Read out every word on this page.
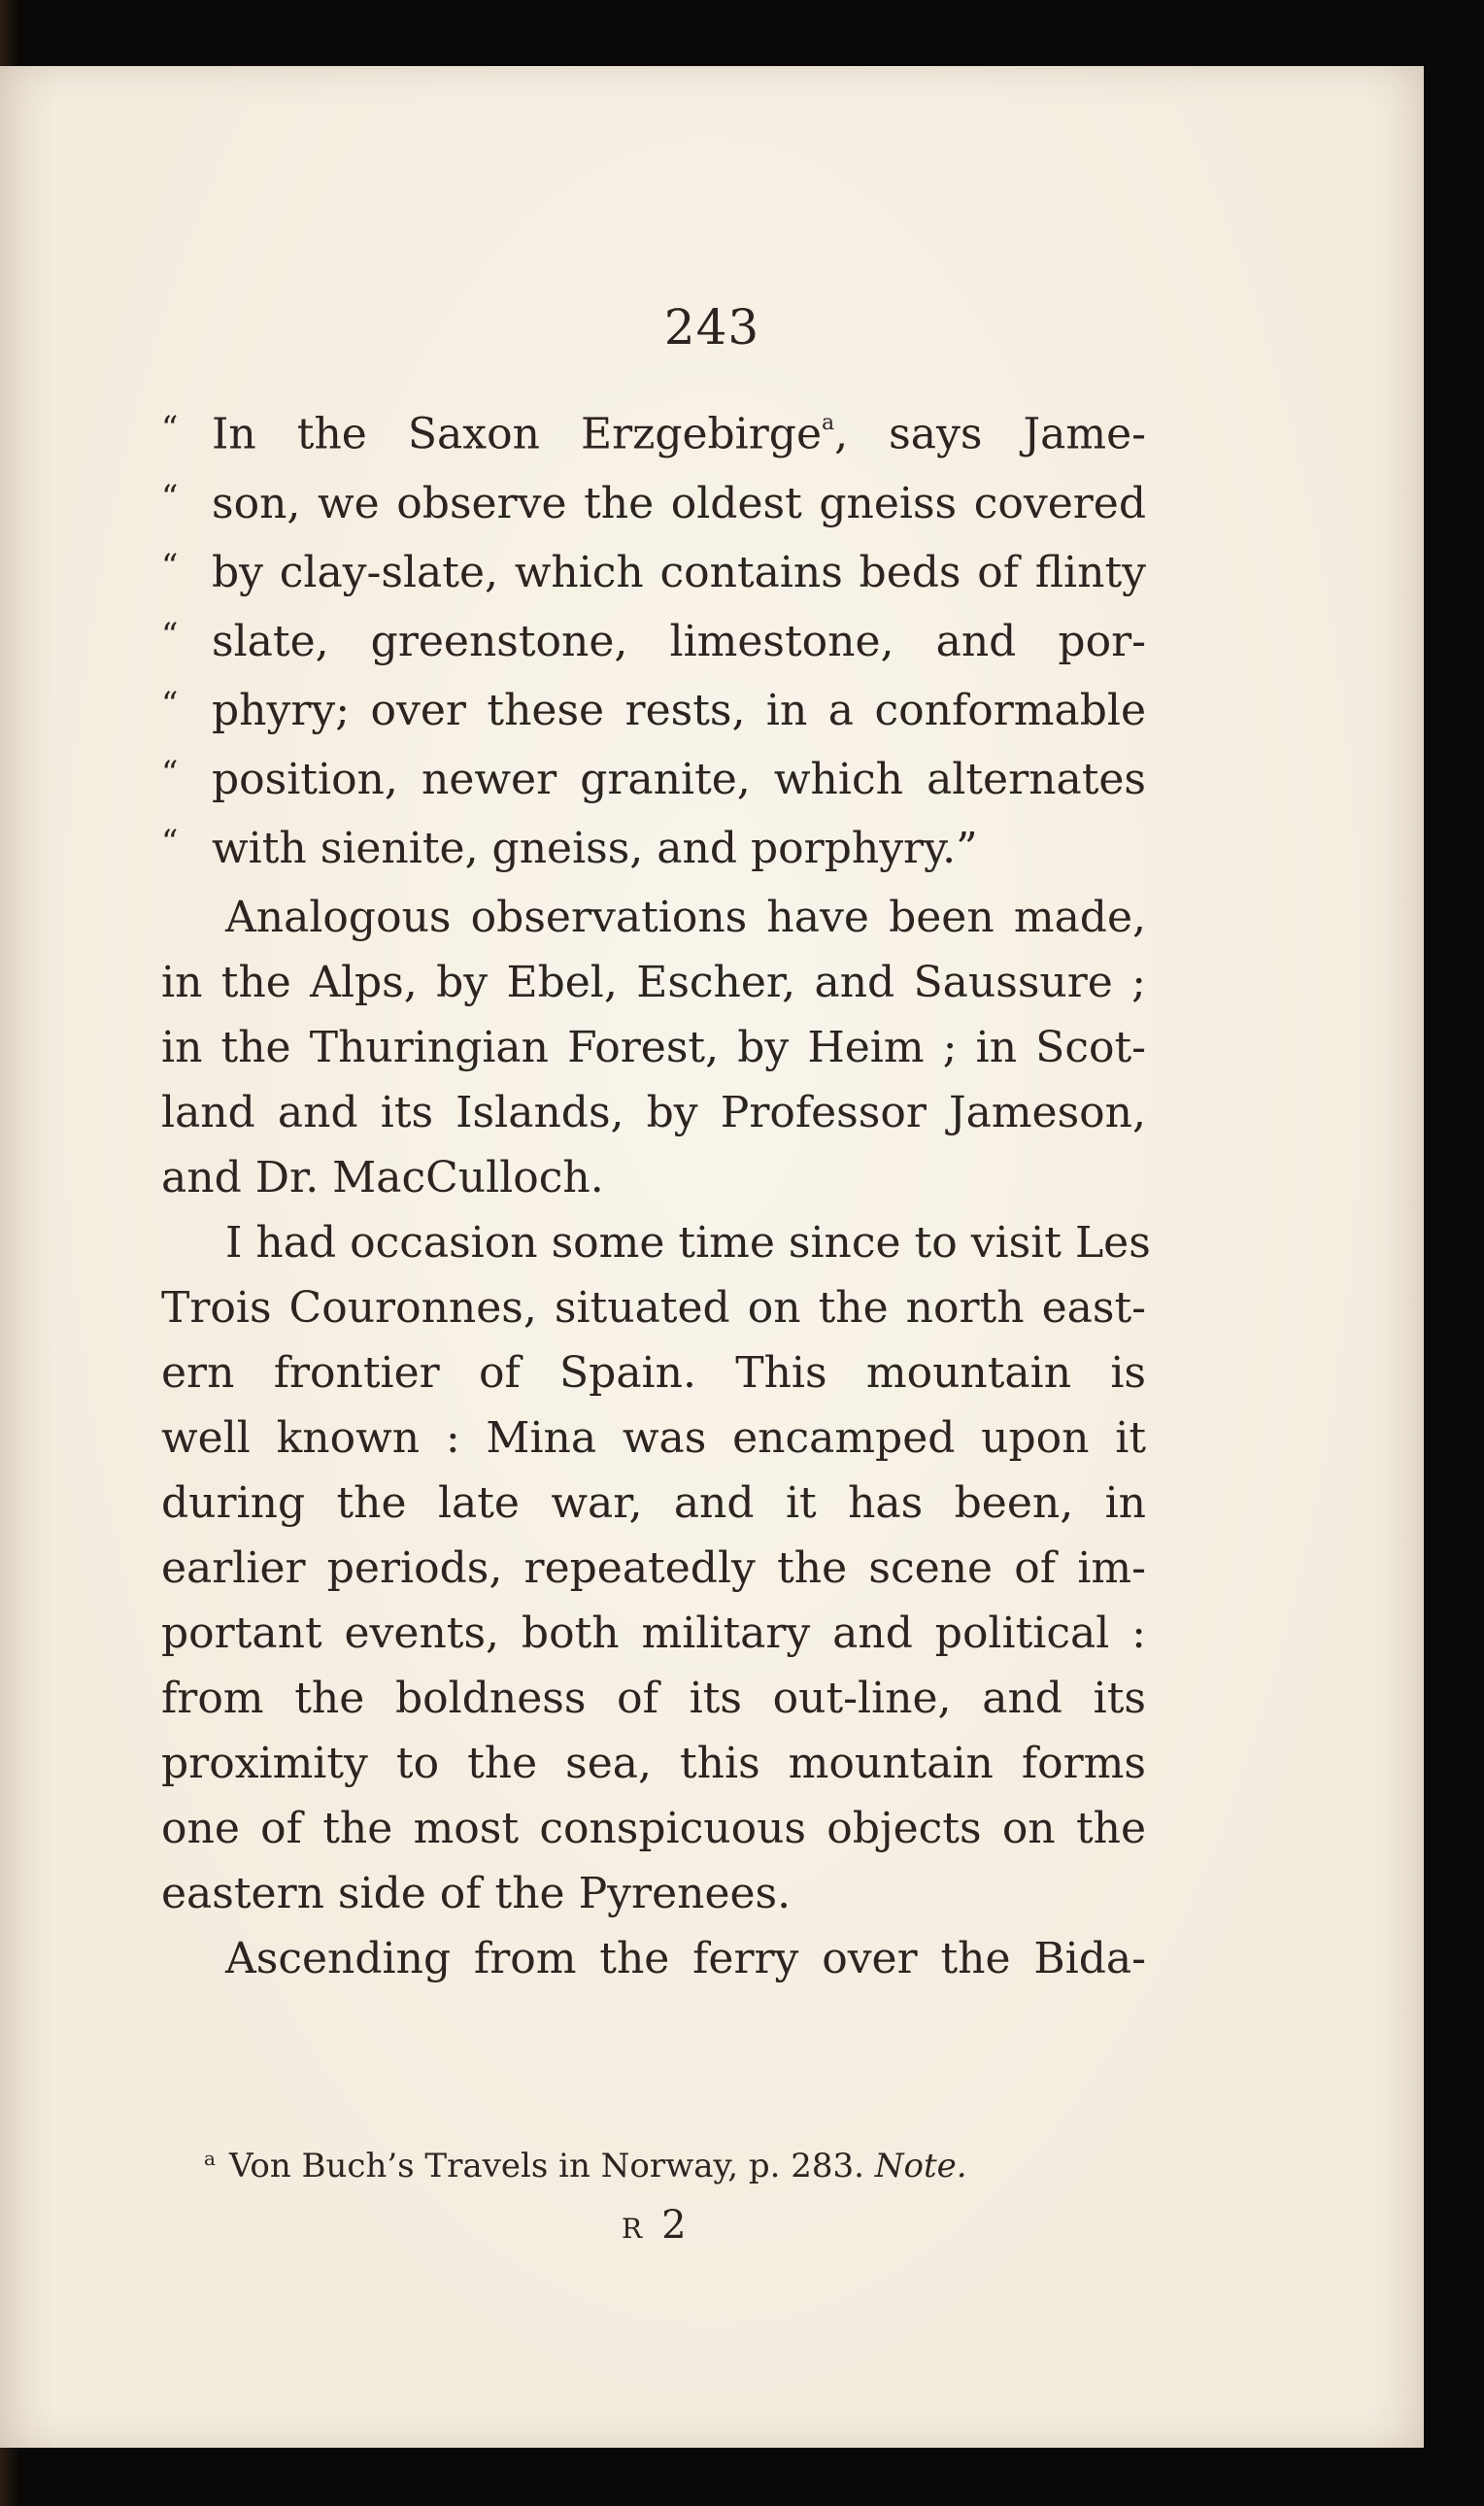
243
“ In the Saxon Erzgebirge$^a$, says Jame-
“ son, we observe the oldest gneiss covered
“ by clay-slate, which contains beds of flinty
“ slate, greenstone, limestone, and por-
“ phyry; over these rests, in a conformable
“ position, newer granite, which alternates
“ with sienite, gneiss, and porphyry.”
Analogous observations have been made,
in the Alps, by Ebel, Escher, and Saussure ;
in the Thuringian Forest, by Heim ; in Scot-
land and its Islands, by Professor Jameson,
and Dr. MacCulloch.
I had occasion some time since to visit Les
Trois Couronnes, situated on the north east-
ern frontier of Spain. This mountain is
well known : Mina was encamped upon it
during the late war, and it has been, in
earlier periods, repeatedly the scene of im-
portant events, both military and political :
from the boldness of its out-line, and its
proximity to the sea, this mountain forms
one of the most conspicuous objects on the
eastern side of the Pyrenees.
Ascending from the ferry over the Bida-
$^a$ Von Buch’s Travels in Norway, p. 283. Note.
R 2
